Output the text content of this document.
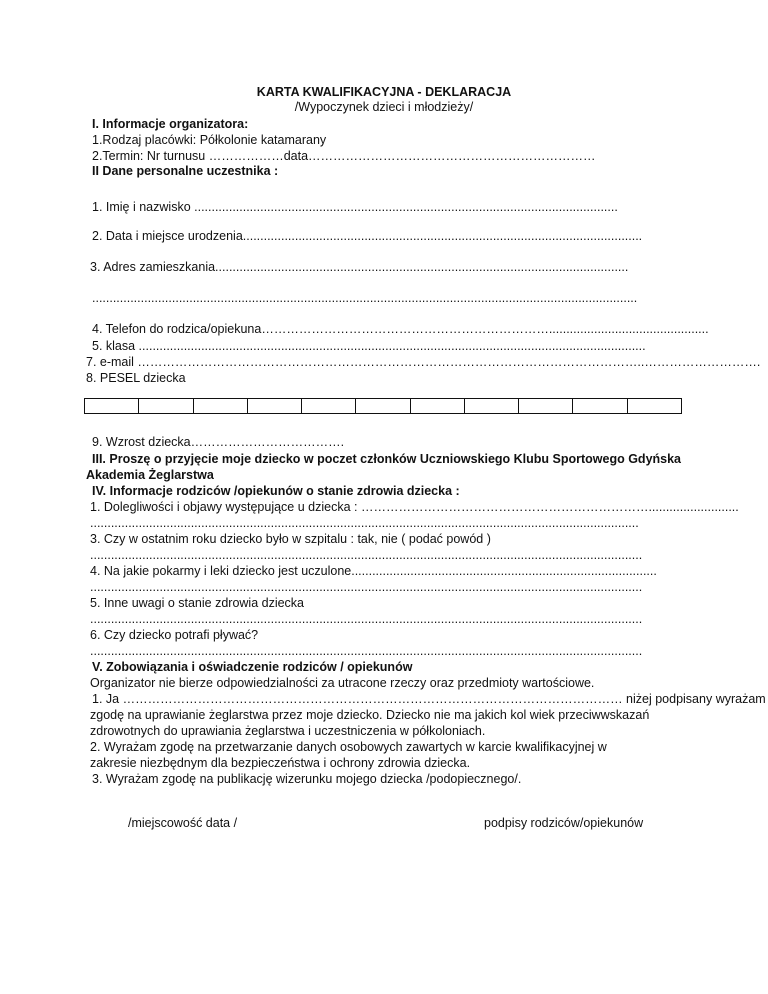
KARTA KWALIFIKACYJNA - DEKLARACJA
/Wypoczynek dzieci i młodzieży/
I. Informacje organizatora:
1.Rodzaj placówki: Półkolonie katamarany
2.Termin: Nr turnusu ………………data……………………………………………………………
II Dane personalne uczestnika :
1. Imię i nazwisko ..........................................................................................................................
2. Data i miejsce urodzenia...................................................................................................................
3. Adres zamieszkania.......................................................................................................................
.............................................................................................................................................................
4. Telefon do rodzica/opiekuna……………………………………………………………..............................................
5. klasa ..................................................................................................................................................
7. e-mail …………………………………………………………………………………………………………..……………………….
8. PESEL dziecka
9. Wzrost dziecka……………………………….
III. Proszę o przyjęcie moje dziecko w poczet członków Uczniowskiego Klubu Sportowego Gdyńska
Akademia Żeglarstwa
IV. Informacje rodziców /opiekunów o stanie zdrowia dziecka :
1. Dolegliwości i objawy występujące u dziecka : ……………………………………………………………..........................
..............................................................................................................................................................
3. Czy w ostatnim roku dziecko było w szpitalu : tak, nie ( podać powód )
...............................................................................................................................................................
4. Na jakie pokarmy i leki dziecko jest uczulone........................................................................................
...............................................................................................................................................................
5. Inne uwagi o stanie zdrowia dziecka
...............................................................................................................................................................
6. Czy dziecko potrafi pływać?
...............................................................................................................................................................
V. Zobowiązania i oświadczenie rodziców / opiekunów
Organizator nie bierze odpowiedzialności za utracone rzeczy oraz przedmioty wartościowe.
1. Ja ………………………………………………………………………………………………………… niżej podpisany wyrażam
zgodę na uprawianie żeglarstwa przez moje dziecko. Dziecko nie ma jakich kol wiek przeciwwskazań
zdrowotnych do uprawiania żeglarstwa i uczestniczenia w półkoloniach.
2. Wyrażam zgodę na przetwarzanie danych osobowych zawartych w karcie kwalifikacyjnej w
zakresie niezbędnym dla bezpieczeństwa i ochrony zdrowia dziecka.
3. Wyrażam zgodę na publikację wizerunku mojego dziecka /podopiecznego/.
/miejscowość data /	podpisy rodziców/opiekunów
